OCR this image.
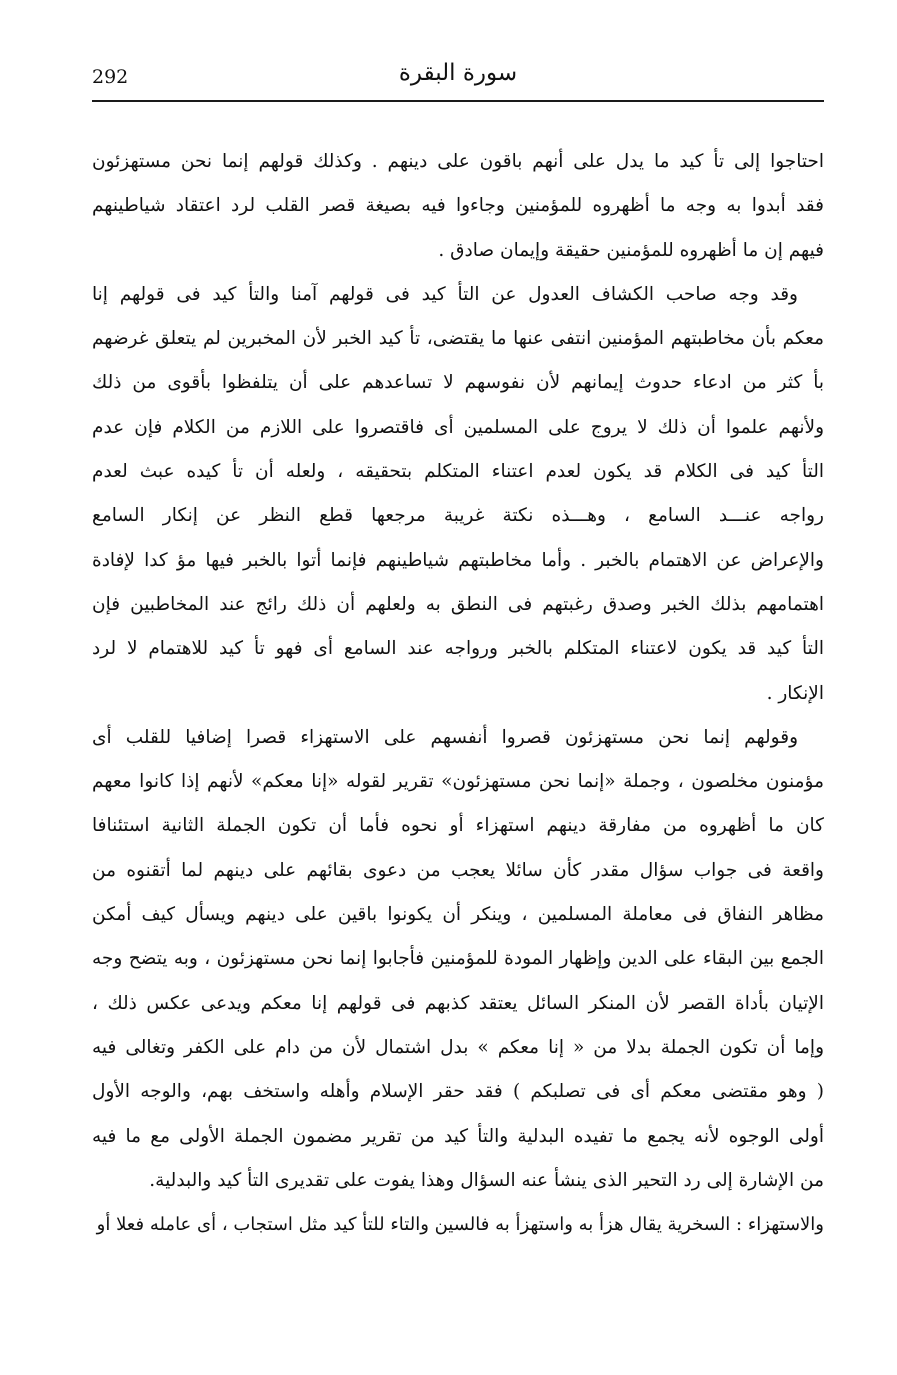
292	سورة البقرة
احتاجوا إلى تأ كيد ما يدل على أنهم باقون على دينهم . وكذلك قولهم إنما نحن مستهزئون
فقد أبدوا به وجه ما أظهروه للمؤمنين وجاءوا فيه بصيغة قصر القلب لرد اعتقاد شياطينهم
فيهم إن ما أظهروه للمؤمنين حقيقة وإيمان صادق .
وقد وجه صاحب الكشاف العدول عن التأ كيد فى قولهم آمنا والتأ كيد فى قولهم إنا
معكم بأن مخاطبتهم المؤمنين انتفى عنها ما يقتضى، تأ كيد الخبر لأن المخبرين لم يتعلق غرضهم
بأ كثر من ادعاء حدوث إيمانهم لأن نفوسهم لا تساعدهم على أن يتلفظوا بأقوى من ذلك
ولأنهم علموا أن ذلك لا يروج على المسلمين أى فاقتصروا على اللازم من الكلام فإن عدم
التأ كيد فى الكلام قد يكون لعدم اعتناء المتكلم بتحقيقه ، ولعله أن تأ كيده عبث لعدم
رواجه عنـــد السامع ، وهـــذه نكتة غريبة مرجعها قطع النظر عن إنكار السامع
والإعراض عن الاهتمام بالخبر . وأما مخاطبتهم شياطينهم فإنما أتوا بالخبر فيها مؤ كدا لإفادة
اهتمامهم بذلك الخبر وصدق رغبتهم فى النطق به ولعلهم أن ذلك رائج عند المخاطبين فإن
التأ كيد قد يكون لاعتناء المتكلم بالخبر ورواجه عند السامع أى فهو تأ كيد للاهتمام لا لرد
الإنكار .
وقولهم إنما نحن مستهزئون قصروا أنفسهم على الاستهزاء قصرا إضافيا للقلب أى
مؤمنون مخلصون ، وجملة «إنما نحن مستهزئون» تقرير لقوله «إنا معكم» لأنهم إذا كانوا معهم
كان ما أظهروه من مفارقة دينهم استهزاء أو نحوه فأما أن تكون الجملة الثانية استئنافا
واقعة فى جواب سؤال مقدر كأن سائلا يعجب من دعوى بقائهم على دينهم لما أتقنوه من
مظاهر النفاق فى معاملة المسلمين ، وينكر أن يكونوا باقين على دينهم ويسأل كيف أمكن
الجمع بين البقاء على الدين وإظهار المودة للمؤمنين فأجابوا إنما نحن مستهزئون ، وبه يتضح وجه
الإتيان بأداة القصر لأن المنكر السائل يعتقد كذبهم فى قولهم إنا معكم ويدعى عكس ذلك ،
وإما أن تكون الجملة بدلا من « إنا معكم » بدل اشتمال لأن من دام على الكفر وتغالى فيه
( وهو مقتضى معكم أى فى تصلبكم ) فقد حقر الإسلام وأهله واستخف بهم، والوجه الأول
أولى الوجوه لأنه يجمع ما تفيده البدلية والتأ كيد من تقرير مضمون الجملة الأولى مع ما فيه
من الإشارة إلى رد التحير الذى ينشأ عنه السؤال وهذا يفوت على تقديرى التأ كيد والبدلية.
والاستهزاء : السخرية يقال هزأ به واستهزأ به فالسين والتاء للتأ كيد مثل استجاب ، أى عامله فعلا أو
